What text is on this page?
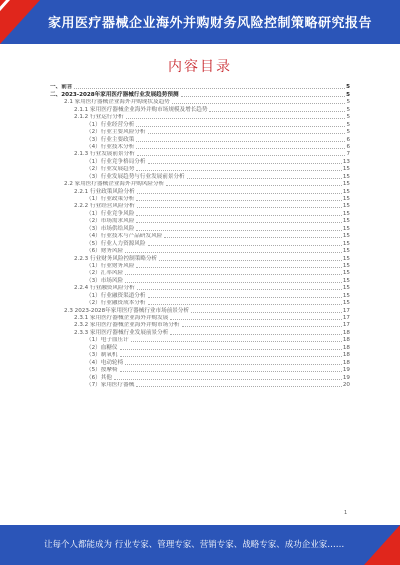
家用医疗器械企业海外并购财务风险控制策略研究报告
内容目录
一、前言	5
二、2023-2028年家用医疗器械行业发展趋势预测	5
2.1 家用医疗器械企业海外并购现状及趋势	5
2.1.1 家用医疗器械企业海外并购市场规模及增长趋势	5
2.1.2 行业运行分析	5
（1）行业经营分析	5
（2）行业主要风险分析	5
（3）行业主要政策	6
（4）行业技术分析	6
2.1.3 行业发展前景分析	7
（1）行业竞争格局分析	13
（2）行业发展趋势	15
（3）行业发展趋势与行业发展前景分析	15
2.2 家用医疗器械企业海外并购风险分析	15
2.2.1 行业政策风险分析	15
（1）行业政策分析	15
2.2.2 行业经营风险分析	15
（1）行业竞争风险	15
（2）市场需求风险	15
（3）市场供给风险	15
（4）行业技术与产品研发风险	15
（5）行业人力资源风险	15
（6）财务风险	15
2.2.3 行业财务风险控制策略分析	15
（1）行业财务风险	15
（2）汇率风险	15
（3）市场风险	15
2.2.4 行业融资风险分析	15
（1）行业融资渠道分析	15
（2）行业融资成本分析	15
2.3 2023-2028年家用医疗器械行业市场前景分析	17
2.3.1 家用医疗器械企业海外并购发展	17
2.3.2 家用医疗器械企业海外并购市场分析	17
2.3.3 家用医疗器械行业发展前景分析	18
（1）电子血压计	18
（2）血糖仪	18
（3）制氧机	18
（4）电动轮椅	18
（5）按摩椅	19
（6）其他	19
（7）家用医疗器械	20
1
让每个人都能成为 行业专家、管理专家、营销专家、战略专家、成功企业家……
